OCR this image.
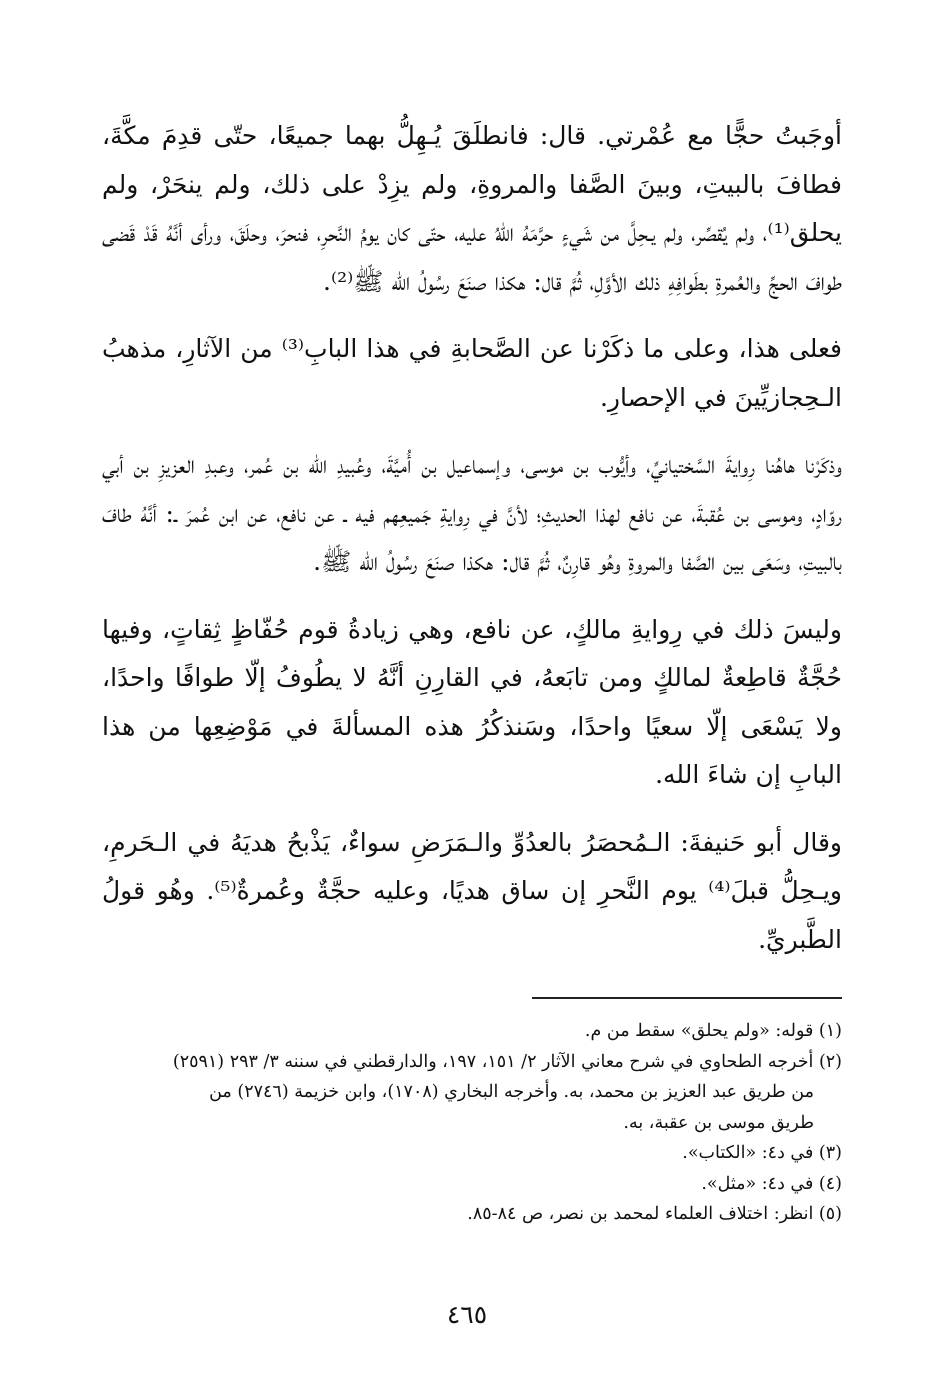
أوجَبتُ حجًّا مع عُمْرتي. قال: فانطلَقَ يُـهِلُّ بهما جميعًا، حتّى قدِمَ مكَّةَ، فطافَ بالبيتِ، وبينَ الصَّفا والمروةِ، ولم يزِدْ على ذلك، ولم ينحَرْ، ولم يحلق⁽¹⁾، ولم يُقصِّر، ولم يـحِلَّ من شَيءٍ حرَّمَهُ اللهُ عليه، حتّى كان يومُ النَّحرِ، فنحرَ، وحلَقَ، ورأى أنَّهُ قَدْ قَضى طوافَ الحجِّ والعُمرةِ بطَوافِهِ ذلك الأوَّلِ، ثُمَّ قال: هكذا صنَعَ رسُولُ الله ﷺ⁽²⁾.

فعلى هذا، وعلى ما ذكَرْنا عن الصَّحابةِ في هذا البابِ⁽³⁾ من الآثارِ، مذهبُ الـحِجازيِّينَ في الإحصارِ.

وذكَرْنا هاهُنا رِوايةَ السَّختيانيِّ، وأيُّوب بن موسى، وإسماعيل بن أُميَّةَ، وعُبيدِ الله بن عُمر، وعبدِ العزيزِ بن أبي روّادٍ، وموسى بن عُقبةَ، عن نافع لهذا الحديثِ؛ لأنَّ في رِوايةِ جَميعِهم فيه ـ عن نافع، عن ابن عُمرَ ـ: أنَّهُ طافَ بالبيتِ، وسَعَى بين الصَّفا والمروةِ وهُو قارِنٌ، ثُمَّ قال: هكذا صنَعَ رسُولُ الله ﷺ.

وليسَ ذلك في رِوايةِ مالكٍ، عن نافع، وهي زيادةُ قوم حُفّاظٍ ثِقاتٍ، وفيها حُجَّةٌ قاطِعةٌ لمالكٍ ومن تابَعهُ، في القارِنِ أنَّهُ لا يطُوفُ إلّا طوافًا واحدًا، ولا يَسْعَى إلّا سعيًا واحدًا، وسَنذكُرُ هذه المسألةَ في مَوْضِعِها من هذا البابِ إن شاءَ الله.

وقال أبو حَنيفةَ: الـمُحصَرُ بالعدُوِّ والـمَرَضِ سواءٌ، يَذْبحُ هديَهُ في الـحَرمِ، ويـحِلُّ قبلَ⁽⁴⁾ يوم النَّحرِ إن ساق هديًا، وعليه حجَّةٌ وعُمرةٌ⁽⁵⁾. وهُو قولُ الطَّبريِّ.

(١) قوله: «ولم يحلق» سقط من م.

(٢) أخرجه الطحاوي في شرح معاني الآثار ٢/ ١٥١، ١٩٧، والدارقطني في سننه ٣/ ٢٩٣ (٢٥٩١)

من طريق عبد العزيز بن محمد، به. وأخرجه البخاري (١٧٠٨)، وابن خزيمة (٢٧٤٦) من

طريق موسى بن عقبة، به.

(٣) في د٤: «الكتاب».

(٤) في د٤: «مثل».

(٥) انظر: اختلاف العلماء لمحمد بن نصر، ص ٨٤-٨٥.

٤٦٥
